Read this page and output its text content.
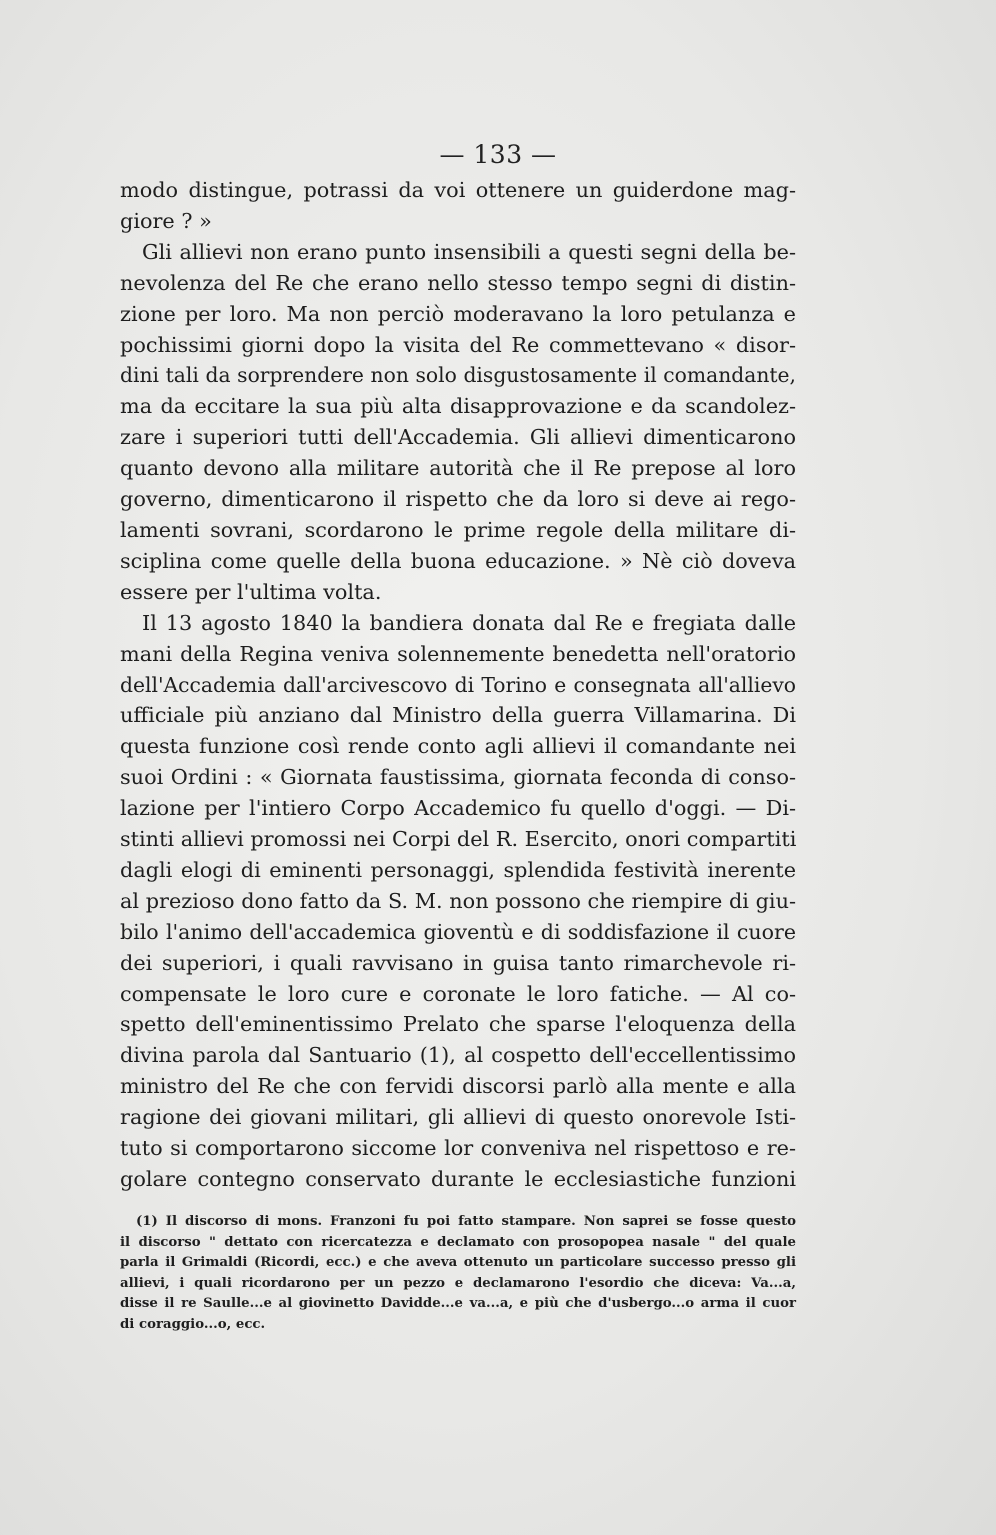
— 133 —
modo distingue, potrassi da voi ottenere un guiderdone mag-
giore ? »
Gli allievi non erano punto insensibili a questi segni della be-
nevolenza del Re che erano nello stesso tempo segni di distin-
zione per loro. Ma non perciò moderavano la loro petulanza e
pochissimi giorni dopo la visita del Re commettevano « disor-
dini tali da sorprendere non solo disgustosamente il comandante,
ma da eccitare la sua più alta disapprovazione e da scandolez-
zare i superiori tutti dell'Accademia. Gli allievi dimenticarono
quanto devono alla militare autorità che il Re prepose al loro
governo, dimenticarono il rispetto che da loro si deve ai rego-
lamenti sovrani, scordarono le prime regole della militare di-
sciplina come quelle della buona educazione. » Nè ciò doveva
essere per l'ultima volta.
Il 13 agosto 1840 la bandiera donata dal Re e fregiata dalle
mani della Regina veniva solennemente benedetta nell'oratorio
dell'Accademia dall'arcivescovo di Torino e consegnata all'allievo
ufficiale più anziano dal Ministro della guerra Villamarina. Di
questa funzione così rende conto agli allievi il comandante nei
suoi Ordini : « Giornata faustissima, giornata feconda di conso-
lazione per l'intiero Corpo Accademico fu quello d'oggi. — Di-
stinti allievi promossi nei Corpi del R. Esercito, onori compartiti
dagli elogi di eminenti personaggi, splendida festività inerente
al prezioso dono fatto da S. M. non possono che riempire di giu-
bilo l'animo dell'accademica gioventù e di soddisfazione il cuore
dei superiori, i quali ravvisano in guisa tanto rimarchevole ri-
compensate le loro cure e coronate le loro fatiche. — Al co-
spetto dell'eminentissimo Prelato che sparse l'eloquenza della
divina parola dal Santuario (1), al cospetto dell'eccellentissimo
ministro del Re che con fervidi discorsi parlò alla mente e alla
ragione dei giovani militari, gli allievi di questo onorevole Isti-
tuto si comportarono siccome lor conveniva nel rispettoso e re-
golare contegno conservato durante le ecclesiastiche funzioni
(1) Il discorso di mons. Franzoni fu poi fatto stampare. Non saprei se fosse questo
il discorso " dettato con ricercatezza e declamato con prosopopea nasale " del quale
parla il Grimaldi (Ricordi, ecc.) e che aveva ottenuto un particolare successo presso gli
allievi, i quali ricordarono per un pezzo e declamarono l'esordio che diceva: Va...a,
disse il re Saulle...e al giovinetto Davidde...e va...a, e più che d'usbergo...o arma il cuor
di coraggio...o, ecc.
